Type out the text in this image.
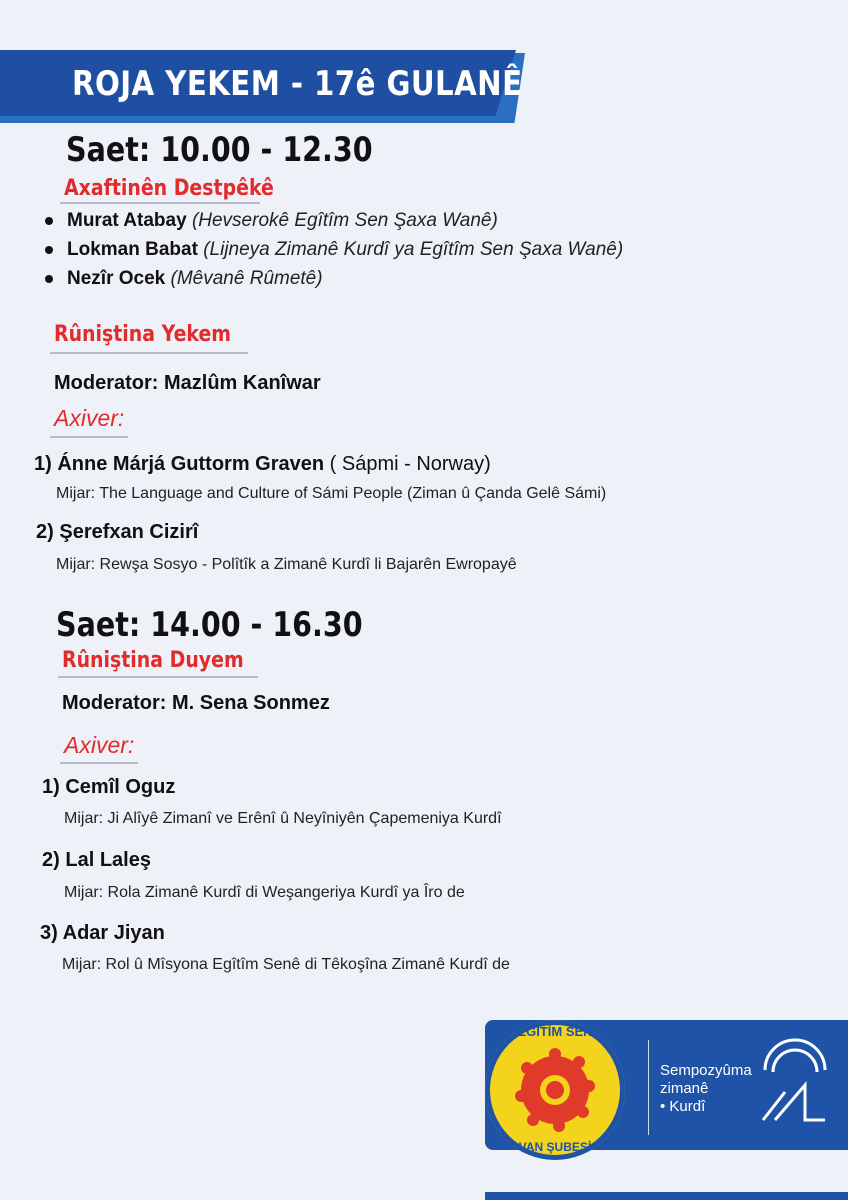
ROJA YEKEM - 17ê GULANÊ
Saet: 10.00 - 12.30
Axaftinên Destpêkê
Murat Atabay (Hevserokê Egîtîm Sen Şaxa Wanê)
Lokman Babat (Lijneya Zimanê Kurdî ya Egîtîm Sen Şaxa Wanê)
Nezîr Ocek (Mêvanê Rûmetê)
Rûniştina Yekem
Moderator: Mazlûm Kanîwar
Axiver:
1) Ánne Márjá Guttorm Graven ( Sápmi - Norway)
Mijar: The Language and Culture of Sámi People (Ziman û Çanda Gelê Sámi)
2) Şerefxan Cizirî
Mijar: Rewşa Sosyo - Polîtîk a Zimanê Kurdî li Bajarên Ewropayê
Saet: 14.00 - 16.30
Rûniştina Duyem
Moderator: M. Sena Sonmez
Axiver:
1) Cemîl Oguz
Mijar: Ji Alîyê Zimanî ve Erênî û Neyîniyên Çapemeniya Kurdî
2) Lal Laleş
Mijar: Rola Zimanê Kurdî di Weşangeriya Kurdî ya Îro de
3) Adar Jiyan
Mijar: Rol û Mîsyona Egîtîm Senê di Têkoşîna Zimanê Kurdî de
EĞİTİM SEN
VAN ŞUBESİ
Sempozyûma
zimanê
• Kurdî
